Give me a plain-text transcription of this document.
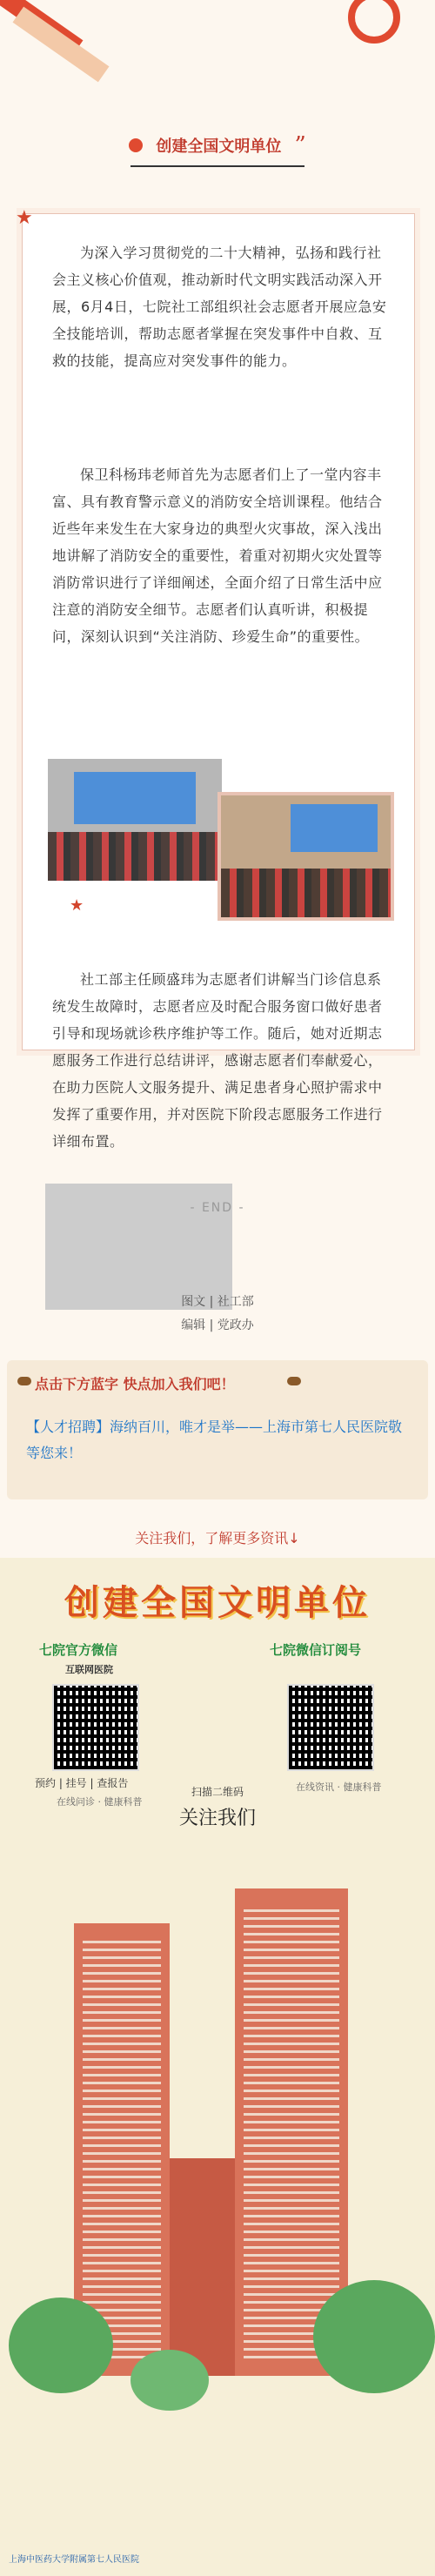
创建全国文明单位 ”
★
为深入学习贯彻党的二十大精神，弘扬和践行社会主义核心价值观，推动新时代文明实践活动深入开展，6月4日，七院社工部组织社会志愿者开展应急安全技能培训，帮助志愿者掌握在突发事件中自救、互救的技能，提高应对突发事件的能力。
保卫科杨玮老师首先为志愿者们上了一堂内容丰富、具有教育警示意义的消防安全培训课程。他结合近些年来发生在大家身边的典型火灾事故，深入浅出地讲解了消防安全的重要性，着重对初期火灾处置等消防常识进行了详细阐述，全面介绍了日常生活中应注意的消防安全细节。志愿者们认真听讲，积极提问，深刻认识到“关注消防、珍爱生命”的重要性。
★
社工部主任顾盛玮为志愿者们讲解当门诊信息系统发生故障时，志愿者应及时配合服务窗口做好患者引导和现场就诊秩序维护等工作。随后，她对近期志愿服务工作进行总结讲评，感谢志愿者们奉献爱心，在助力医院人文服务提升、满足患者身心照护需求中发挥了重要作用，并对医院下阶段志愿服务工作进行详细布置。
- END -
图文 | 社工部
编辑 | 党政办
点击下方蓝字 快点加入我们吧！
【人才招聘】海纳百川，唯才是举——上海市第七人民医院敬等您来！
关注我们，了解更多资讯↓
创建全国文明单位
七院官方微信
互联网医院
预约 | 挂号 | 查报告
在线问诊 · 健康科普
七院微信订阅号
在线资讯 · 健康科普
扫描二维码
关注我们
上海中医药大学附属第七人民医院
